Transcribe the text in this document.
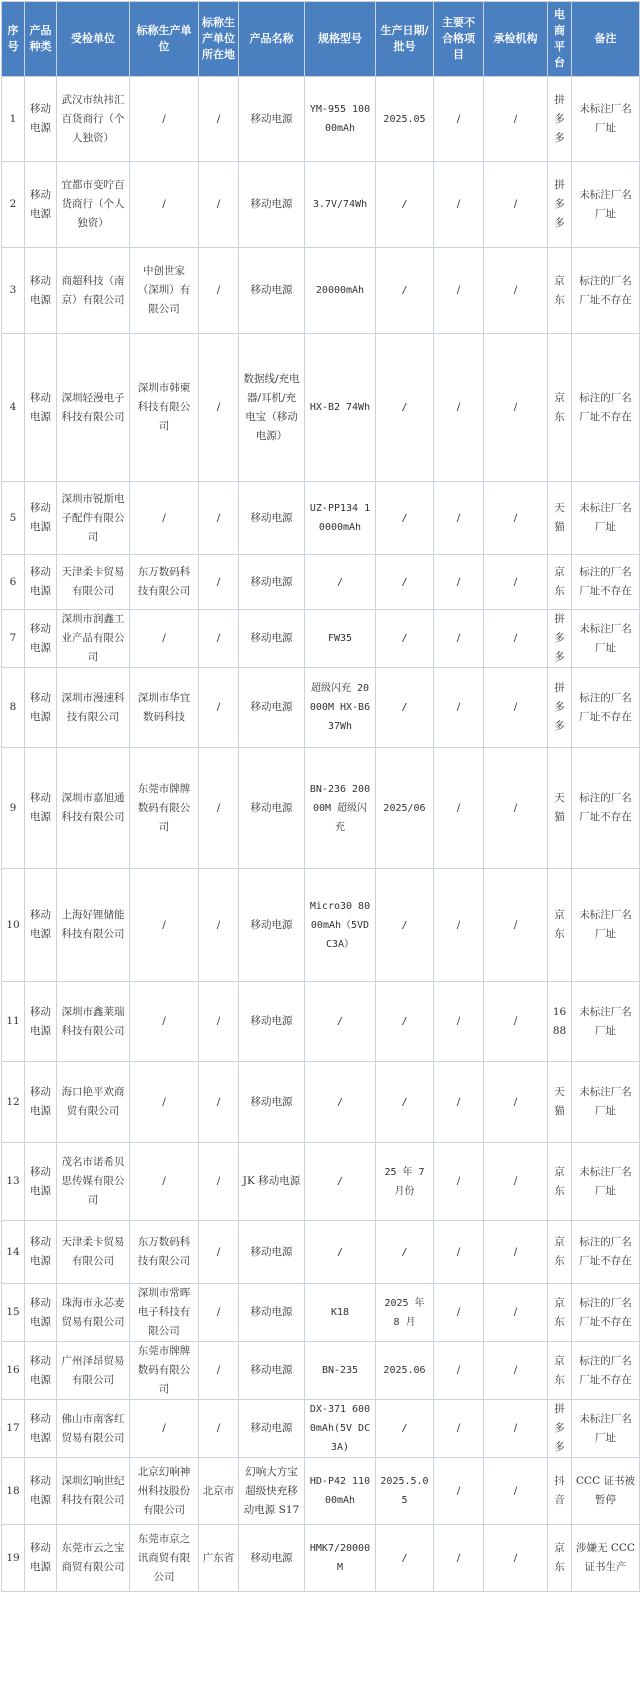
序号	产品种类	受检单位	标称生产单位	标称生产单位所在地	产品名称	规格型号	生产日期/批号	主要不合格项目	承检机构	电商平台	备注
1	移动电源	武汉市纨祎汇百货商行（个人独资）	/	/	移动电源	YM-955 10000mAh	2025.05	/	/	拼多多	未标注厂名厂址
2	移动电源	宜都市变咛百货商行（个人独资）	/	/	移动电源	3.7V/74Wh	/	/	/	拼多多	未标注厂名厂址
3	移动电源	商超科技（南京）有限公司	中创世家（深圳）有限公司	/	移动电源	20000mAh	/	/	/	京东	标注的厂名厂址不存在
4	移动电源	深圳轻漫电子科技有限公司	深圳市韩柬科技有限公司	/	数据线/充电器/耳机/充电宝（移动电源）	HX-B2 74Wh	/	/	/	京东	标注的厂名厂址不存在
5	移动电源	深圳市锐斯电子配件有限公司	/	/	移动电源	UZ-PP134 10000mAh	/	/	/	天猫	未标注厂名厂址
6	移动电源	天津柔卡贸易有限公司	东万数码科技有限公司	/	移动电源	/	/	/	/	京东	标注的厂名厂址不存在
7	移动电源	深圳市润鑫工业产品有限公司	/	/	移动电源	FW35	/	/	/	拼多多	未标注厂名厂址
8	移动电源	深圳市漫速科技有限公司	深圳市华宜数码科技	/	移动电源	超级闪充 20000M HX-B6 37Wh	/	/	/	拼多多	标注的厂名厂址不存在
9	移动电源	深圳市嘉旭通科技有限公司	东莞市牌牌数码有限公司	/	移动电源	BN-236 20000M 超级闪充	2025/06	/	/	天猫	标注的厂名厂址不存在
10	移动电源	上海好锂储能科技有限公司	/	/	移动电源	Micro30 8000mAh（5VDC3A）	/	/	/	京东	未标注厂名厂址
11	移动电源	深圳市鑫莱瑞科技有限公司	/	/	移动电源	/	/	/	/	1688	未标注厂名厂址
12	移动电源	海口艳平欢商贸有限公司	/	/	移动电源	/	/	/	/	天猫	未标注厂名厂址
13	移动电源	茂名市诺希贝思传媒有限公司	/	/	JK 移动电源	/	25 年 7 月份	/	/	京东	未标注厂名厂址
14	移动电源	天津柔卡贸易有限公司	东万数码科技有限公司	/	移动电源	/	/	/	/	京东	标注的厂名厂址不存在
15	移动电源	珠海市永芯麦贸易有限公司	深圳市常晖电子科技有限公司	/	移动电源	K18	2025 年 8 月	/	/	京东	标注的厂名厂址不存在
16	移动电源	广州泽昂贸易有限公司	东莞市牌牌数码有限公司	/	移动电源	BN-235	2025.06	/	/	京东	标注的厂名厂址不存在
17	移动电源	佛山市南客红贸易有限公司	/	/	移动电源	DX-371 6000mAh(5V DC3A)	/	/	/	拼多多	未标注厂名厂址
18	移动电源	深圳幻响世纪科技有限公司	北京幻响神州科技股份有限公司	北京市	幻响大方宝超级快充移动电源 S17	HD-P42 11000mAh	2025.5.05	/	/	抖音	CCC 证书被暂停
19	移动电源	东莞市云之宝商贸有限公司	东莞市京之讯商贸有限公司	广东省	移动电源	HMK7/20000M	/	/	/	京东	涉嫌无 CCC 证书生产
